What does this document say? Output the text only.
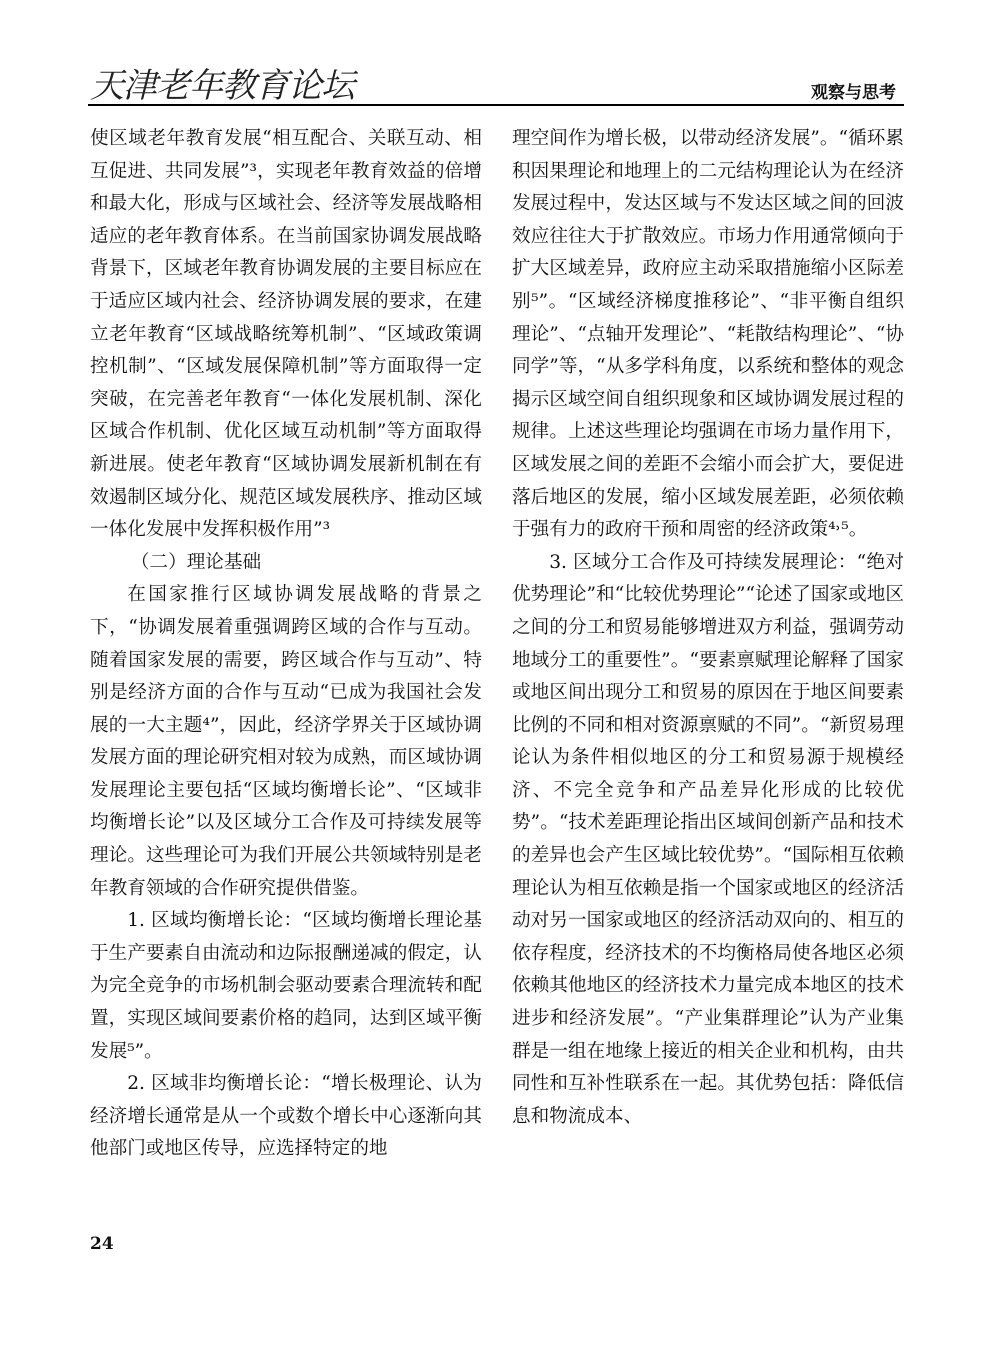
天津老年教育论坛	观察与思考

使区域老年教育发展“相互配合、关联互动、相互促进、共同发展”³，实现老年教育效益的倍增和最大化，形成与区域社会、经济等发展战略相适应的老年教育体系。在当前国家协调发展战略背景下，区域老年教育协调发展的主要目标应在于适应区域内社会、经济协调发展的要求，在建立老年教育“区域战略统筹机制”、“区域政策调控机制”、“区域发展保障机制”等方面取得一定突破，在完善老年教育“一体化发展机制、深化区域合作机制、优化区域互动机制”等方面取得新进展。使老年教育“区域协调发展新机制在有效遏制区域分化、规范区域发展秩序、推动区域一体化发展中发挥积极作用”³

（二）理论基础

在国家推行区域协调发展战略的背景之下，“协调发展着重强调跨区域的合作与互动。随着国家发展的需要，跨区域合作与互动”、特别是经济方面的合作与互动“已成为我国社会发展的一大主题⁴”，因此，经济学界关于区域协调发展方面的理论研究相对较为成熟，而区域协调发展理论主要包括“区域均衡增长论”、“区域非均衡增长论”以及区域分工合作及可持续发展等理论。这些理论可为我们开展公共领域特别是老年教育领域的合作研究提供借鉴。

1. 区域均衡增长论：“区域均衡增长理论基于生产要素自由流动和边际报酬递减的假定，认为完全竞争的市场机制会驱动要素合理流转和配置，实现区域间要素价格的趋同，达到区域平衡发展⁵”。

2. 区域非均衡增长论：“增长极理论、认为经济增长通常是从一个或数个增长中心逐渐向其他部门或地区传导，应选择特定的地

理空间作为增长极，以带动经济发展”。“循环累积因果理论和地理上的二元结构理论认为在经济发展过程中，发达区域与不发达区域之间的回波效应往往大于扩散效应。市场力作用通常倾向于扩大区域差异，政府应主动采取措施缩小区际差别⁵”。“区域经济梯度推移论”、“非平衡自组织理论”、“点轴开发理论”、“耗散结构理论”、“协同学”等，“从多学科角度，以系统和整体的观念揭示区域空间自组织现象和区域协调发展过程的规律。上述这些理论均强调在市场力量作用下，区域发展之间的差距不会缩小而会扩大，要促进落后地区的发展，缩小区域发展差距，必须依赖于强有力的政府干预和周密的经济政策⁴˒⁵。

3. 区域分工合作及可持续发展理论：“绝对优势理论”和“比较优势理论”“论述了国家或地区之间的分工和贸易能够增进双方利益，强调劳动地域分工的重要性”。“要素禀赋理论解释了国家或地区间出现分工和贸易的原因在于地区间要素比例的不同和相对资源禀赋的不同”。“新贸易理论认为条件相似地区的分工和贸易源于规模经济、不完全竞争和产品差异化形成的比较优势”。“技术差距理论指出区域间创新产品和技术的差异也会产生区域比较优势”。“国际相互依赖理论认为相互依赖是指一个国家或地区的经济活动对另一国家或地区的经济活动双向的、相互的依存程度，经济技术的不均衡格局使各地区必须依赖其他地区的经济技术力量完成本地区的技术进步和经济发展”。“产业集群理论”认为产业集群是一组在地缘上接近的相关企业和机构，由共同性和互补性联系在一起。其优势包括：降低信息和物流成本、

24
